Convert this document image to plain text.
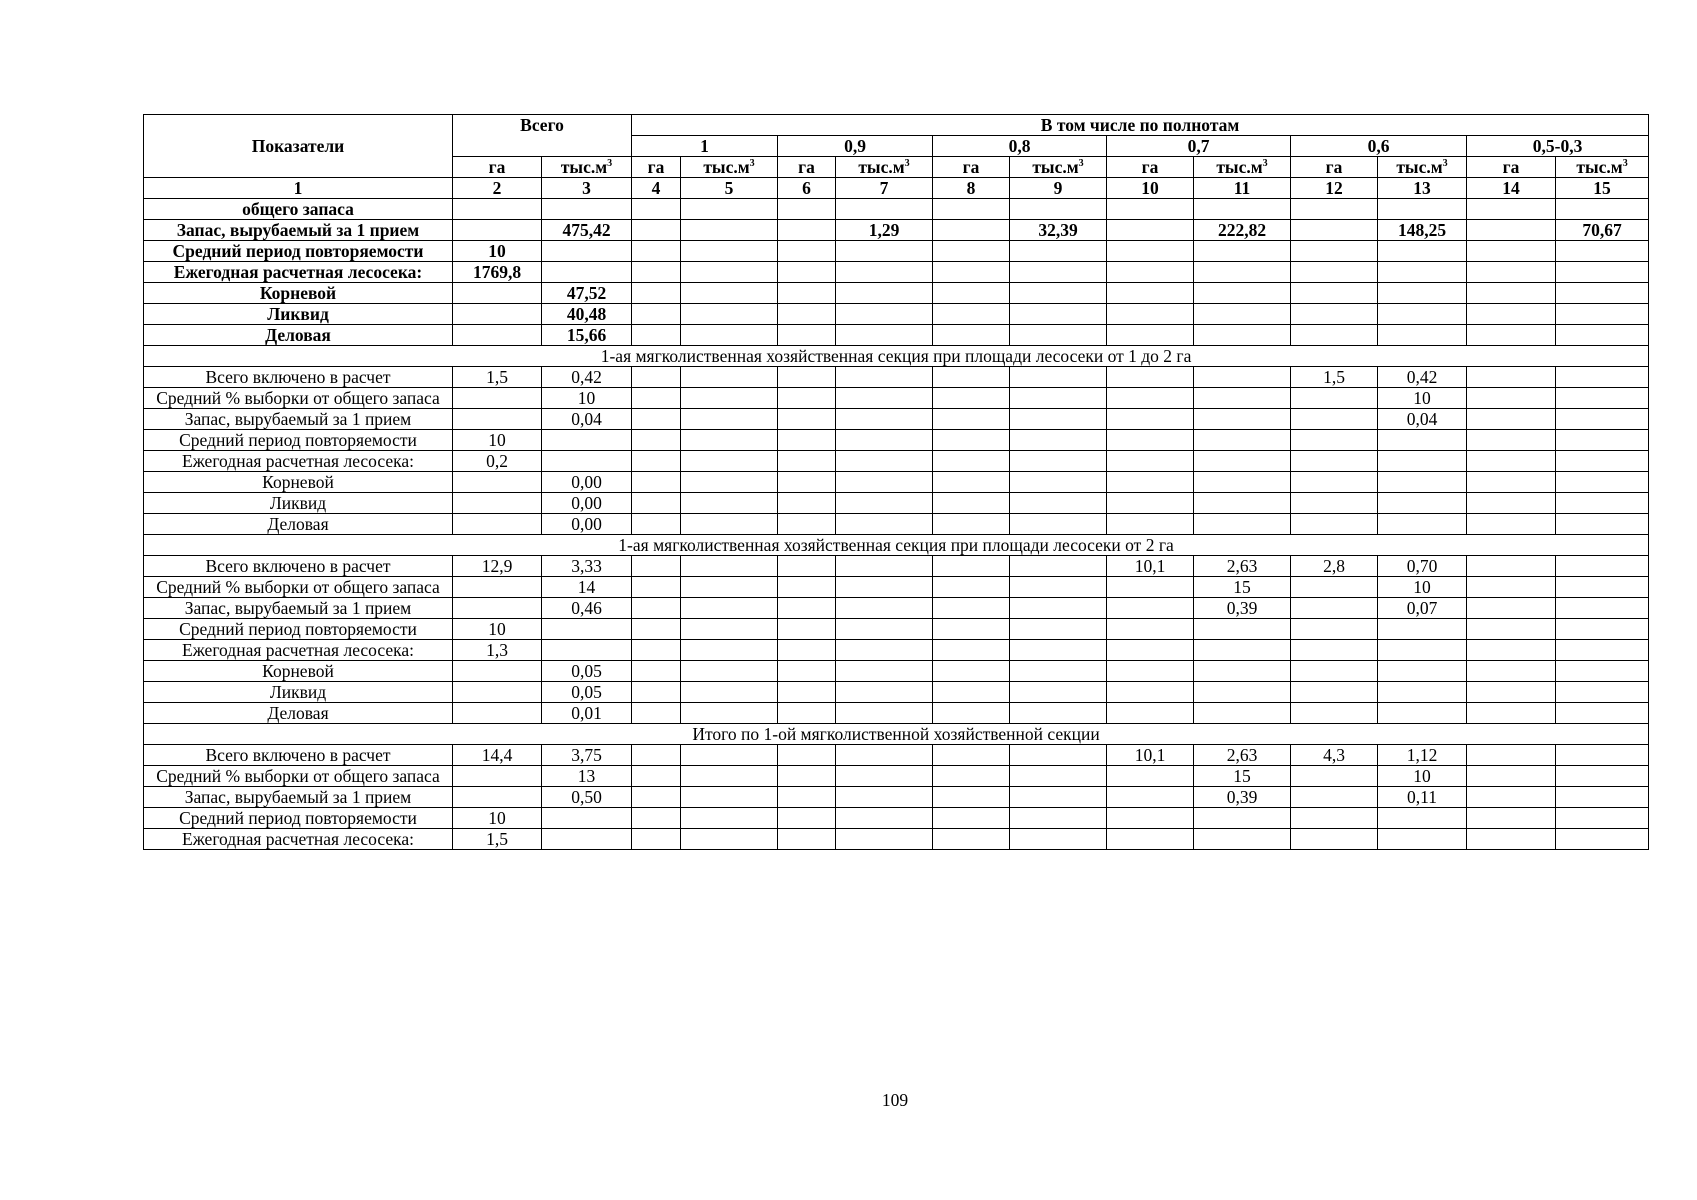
Показатели	Всего		В том числе по полнотам											
			1		0,9		0,8		0,7		0,6		0,5-0,3	
	га	$тыс.м^3$	га	$тыс.м^3$	га	$тыс.м^3$	га	$тыс.м^3$	га	$тыс.м^3$	га	$тыс.м^3$	га	$тыс.м^3$
1	2	3	4	5	6	7	8	9	10	11	12	13	14	15
общего запаса														
Запас, вырубаемый за 1 прием		475,42				1,29		32,39		222,82		148,25		70,67
Средний период повторяемости	10													
Ежегодная расчетная лесосека:	1769,8													
Корневой		47,52												
Ликвид		40,48												
Деловая		15,66												
1-ая мягколиственная хозяйственная секция при площади лесосеки от 1 до 2 га														
Всего включено в расчет	1,5	0,42									1,5	0,42		
Средний % выборки от общего запаса		10										10		
Запас, вырубаемый за 1 прием		0,04										0,04		
Средний период повторяемости	10													
Ежегодная расчетная лесосека:	0,2													
Корневой		0,00												
Ликвид		0,00												
Деловая		0,00												
1-ая мягколиственная хозяйственная секция при площади лесосеки от 2 га														
Всего включено в расчет	12,9	3,33							10,1	2,63	2,8	0,70		
Средний % выборки от общего запаса		14								15		10		
Запас, вырубаемый за 1 прием		0,46								0,39		0,07		
Средний период повторяемости	10													
Ежегодная расчетная лесосека:	1,3													
Корневой		0,05												
Ликвид		0,05												
Деловая		0,01												
Итого по 1-ой мягколиственной хозяйственной секции														
Всего включено в расчет	14,4	3,75							10,1	2,63	4,3	1,12		
Средний % выборки от общего запаса		13								15		10		
Запас, вырубаемый за 1 прием		0,50								0,39		0,11		
Средний период повторяемости	10													
Ежегодная расчетная лесосека:	1,5													
109
